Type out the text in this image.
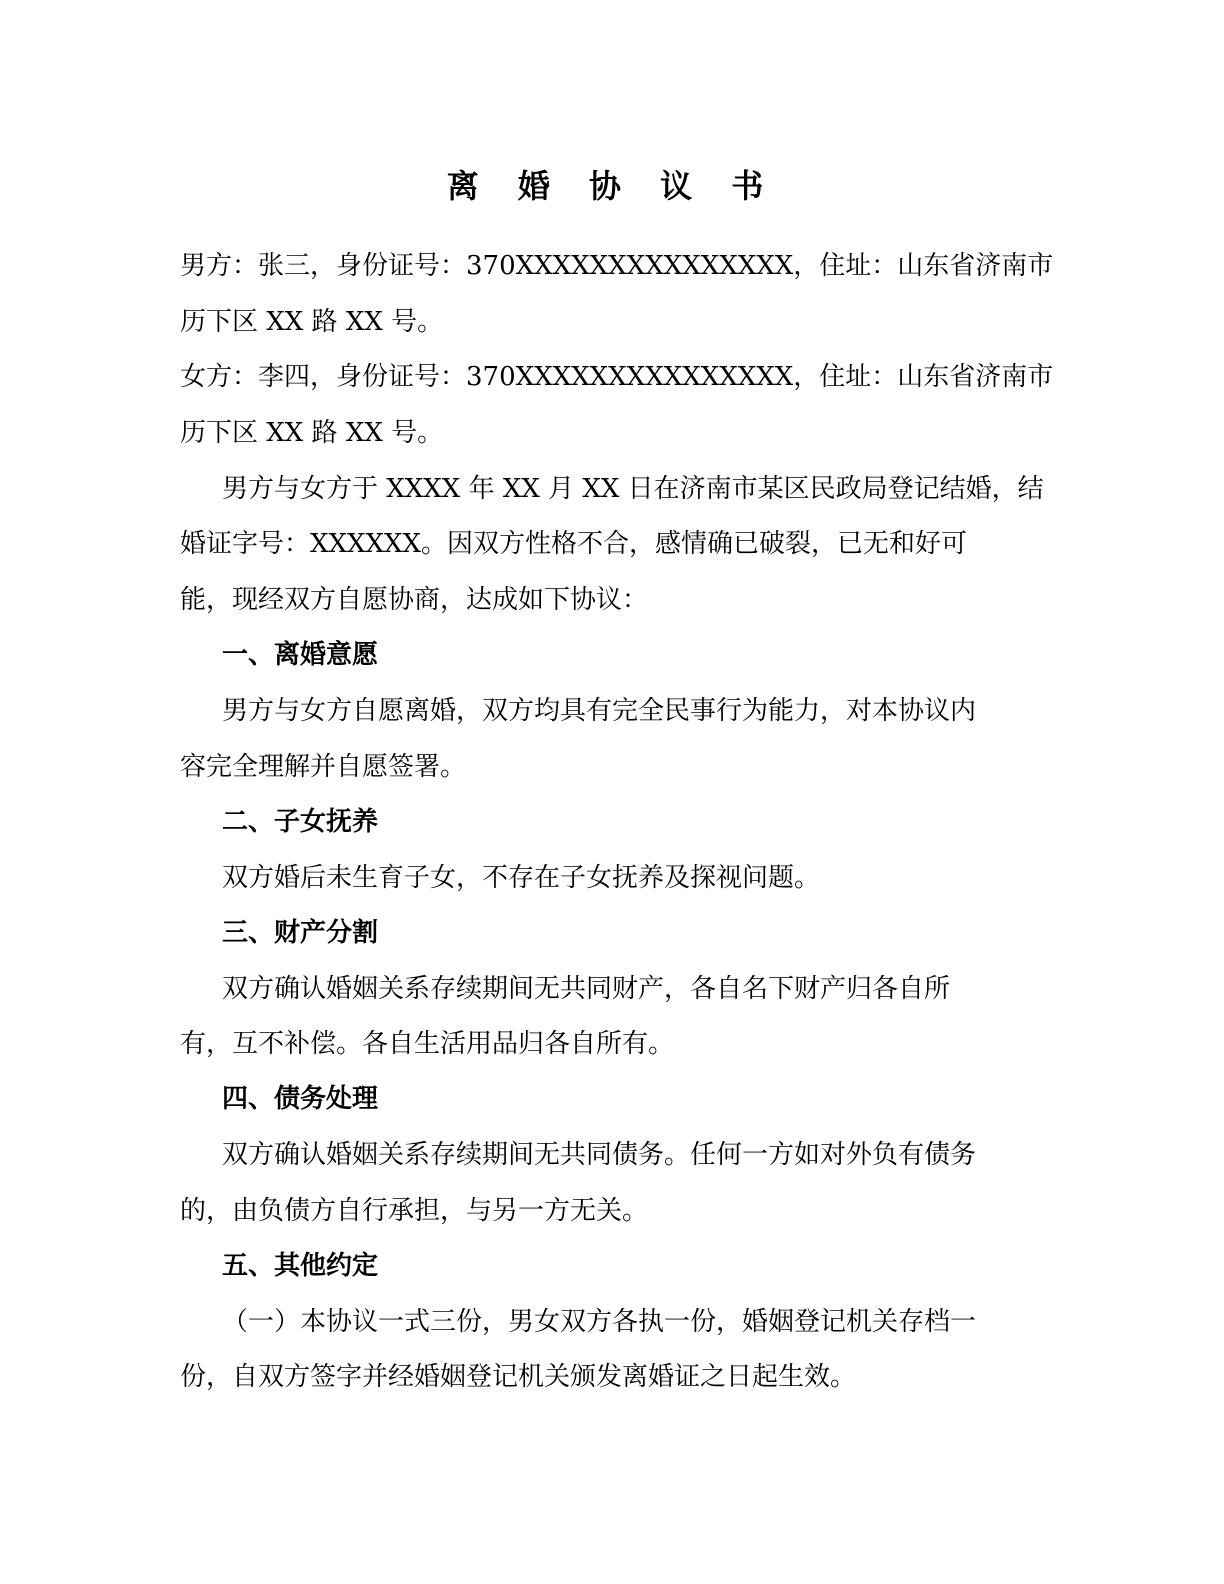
离 婚 协 议 书
男方：张三，身份证号：370XXXXXXXXXXXXXXX，住址：山东省济南市
历下区 XX 路 XX 号。
女方：李四，身份证号：370XXXXXXXXXXXXXXX，住址：山东省济南市
历下区 XX 路 XX 号。
男方与女方于 XXXX 年 XX 月 XX 日在济南市某区民政局登记结婚，结
婚证字号：XXXXXX。因双方性格不合，感情确已破裂，已无和好可
能，现经双方自愿协商，达成如下协议：
一、离婚意愿
男方与女方自愿离婚，双方均具有完全民事行为能力，对本协议内
容完全理解并自愿签署。
二、子女抚养
双方婚后未生育子女，不存在子女抚养及探视问题。
三、财产分割
双方确认婚姻关系存续期间无共同财产，各自名下财产归各自所
有，互不补偿。各自生活用品归各自所有。
四、债务处理
双方确认婚姻关系存续期间无共同债务。任何一方如对外负有债务
的，由负债方自行承担，与另一方无关。
五、其他约定
（一）本协议一式三份，男女双方各执一份，婚姻登记机关存档一
份，自双方签字并经婚姻登记机关颁发离婚证之日起生效。
